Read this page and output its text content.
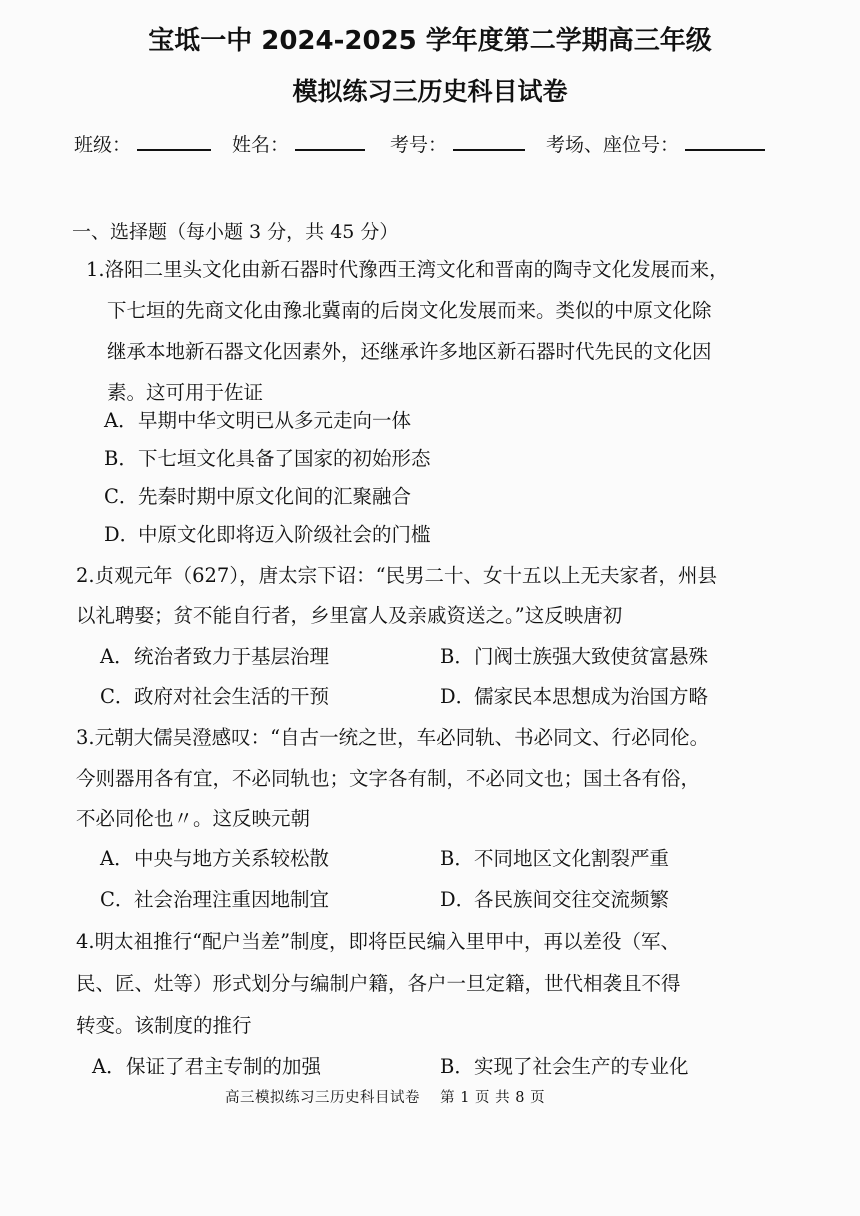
宝坻一中 2024-2025 学年度第二学期高三年级
模拟练习三历史科目试卷
班级：	姓名：	考号：	考场、座位号：
一、选择题（每小题 3 分，共 45 分）
1.洛阳二里头文化由新石器时代豫西王湾文化和晋南的陶寺文化发展而来，
下七垣的先商文化由豫北冀南的后岗文化发展而来。类似的中原文化除
继承本地新石器文化因素外，还继承许多地区新石器时代先民的文化因
素。这可用于佐证
A．早期中华文明已从多元走向一体
B．下七垣文化具备了国家的初始形态
C．先秦时期中原文化间的汇聚融合
D．中原文化即将迈入阶级社会的门槛
2.贞观元年（627），唐太宗下诏：“民男二十、女十五以上无夫家者，州县
以礼聘娶；贫不能自行者，乡里富人及亲戚资送之。”这反映唐初
A．统治者致力于基层治理	B．门阀士族强大致使贫富悬殊
C．政府对社会生活的干预	D．儒家民本思想成为治国方略
3.元朝大儒吴澄感叹：“自古一统之世，车必同轨、书必同文、行必同伦。
今则器用各有宜，不必同轨也；文字各有制，不必同文也；国土各有俗，
不必同伦也〃。这反映元朝
A．中央与地方关系较松散	B．不同地区文化割裂严重
C．社会治理注重因地制宜	D．各民族间交往交流频繁
4.明太祖推行“配户当差”制度，即将臣民编入里甲中，再以差役（军、
民、匠、灶等）形式划分与编制户籍，各户一旦定籍，世代相袭且不得
转变。该制度的推行
A．保证了君主专制的加强	B．实现了社会生产的专业化
高三模拟练习三历史科目试卷　 第 1 页 共 8 页
